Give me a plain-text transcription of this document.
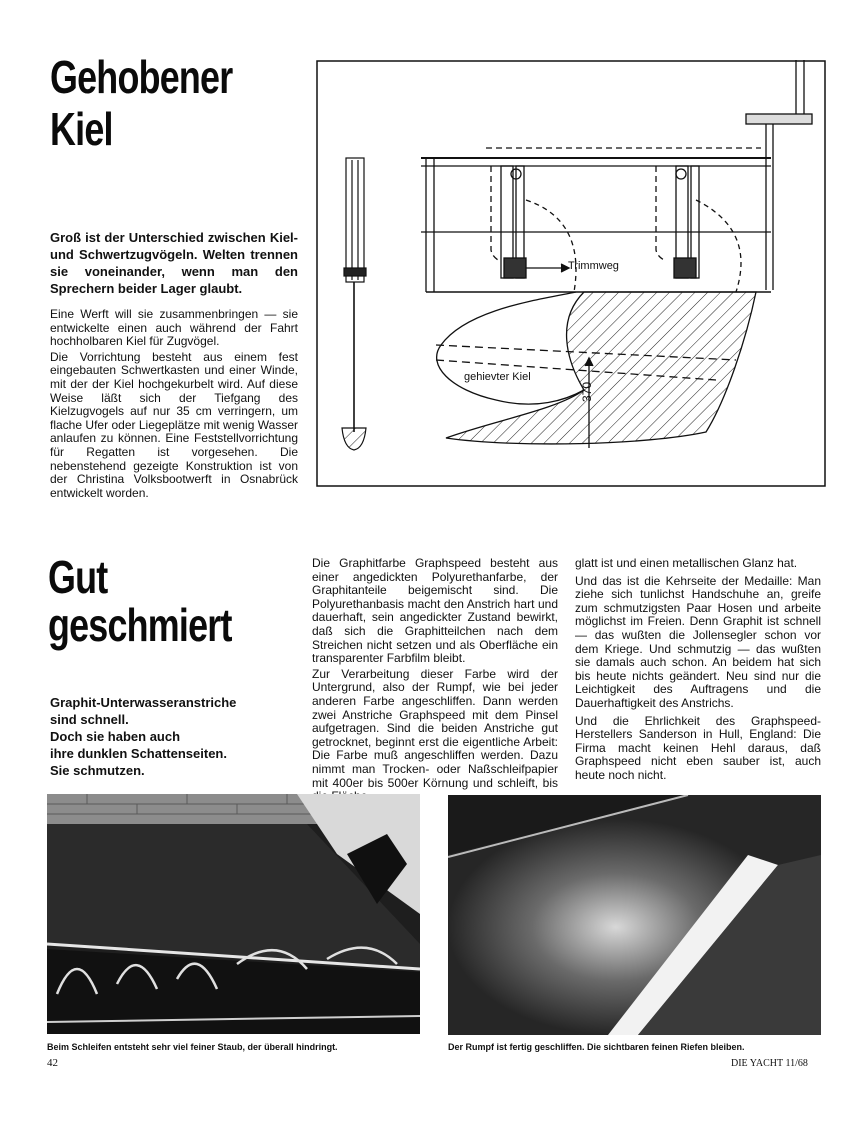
Gehobener
Kiel
Groß ist der Unterschied zwischen Kiel- und Schwertzugvögeln. Welten trennen sie voneinander, wenn man den Sprechern beider Lager glaubt.

Eine Werft will sie zusammenbringen — sie entwickelte einen auch während der Fahrt hochholbaren Kiel für Zugvögel.

Die Vorrichtung besteht aus einem fest eingebauten Schwertkasten und einer Winde, mit der der Kiel hochgekurbelt wird. Auf diese Weise läßt sich der Tiefgang des Kielzugvogels auf nur 35 cm verringern, um flache Ufer oder Liegeplätze mit wenig Wasser anlaufen zu können. Eine Feststellvorrichtung für Regatten ist vorgesehen. Die nebenstehend gezeigte Konstruktion ist von der Christina Volksbootwerft in Osnabrück entwickelt worden.

Trimmweg
gehievter Kiel
370
Gut
geschmiert
Graphit-Unterwasseranstriche
sind schnell.
Doch sie haben auch
ihre dunklen Schattenseiten.
Sie schmutzen.

Die Graphitfarbe Graphspeed besteht aus einer angedickten Polyurethanfarbe, der Graphitanteile beigemischt sind. Die Polyurethanbasis macht den Anstrich hart und dauerhaft, sein angedickter Zustand bewirkt, daß sich die Graphitteilchen nach dem Streichen nicht setzen und als Oberfläche ein transparenter Farbfilm bleibt.

Zur Verarbeitung dieser Farbe wird der Untergrund, also der Rumpf, wie bei jeder anderen Farbe angeschliffen. Dann werden zwei Anstriche Graphspeed mit dem Pinsel aufgetragen. Sind die beiden Anstriche gut getrocknet, beginnt erst die eigentliche Arbeit: Die Farbe muß angeschliffen werden. Dazu nimmt man Trocken- oder Naßschleifpapier mit 400er bis 500er Körnung und schleift, bis

glatt ist und einen metallischen Glanz hat.

Und das ist die Kehrseite der Medaille: Man ziehe sich tunlichst Handschuhe an, greife zum schmutzigsten Paar Hosen und arbeite möglichst im Freien. Denn Graphit ist schnell — das wußten die Jollensegler schon vor dem Kriege. Und schmutzig — das wußten sie damals auch schon. An beidem hat sich bis heute nichts geändert. Neu sind nur die Leichtigkeit des Auftragens und die Dauerhaftigkeit des Anstrichs.

Und die Ehrlichkeit des Graphspeed-Herstellers Sanderson in Hull, England: Die Firma macht keinen Hehl daraus, daß Graphspeed nicht eben sauber ist, auch heute noch nicht.

Beim Schleifen entsteht sehr viel feiner Staub, der überall hindringt.	Der Rumpf ist fertig geschliffen. Die sichtbaren feinen Riefen bleiben.
42	DIE YACHT 11/68
